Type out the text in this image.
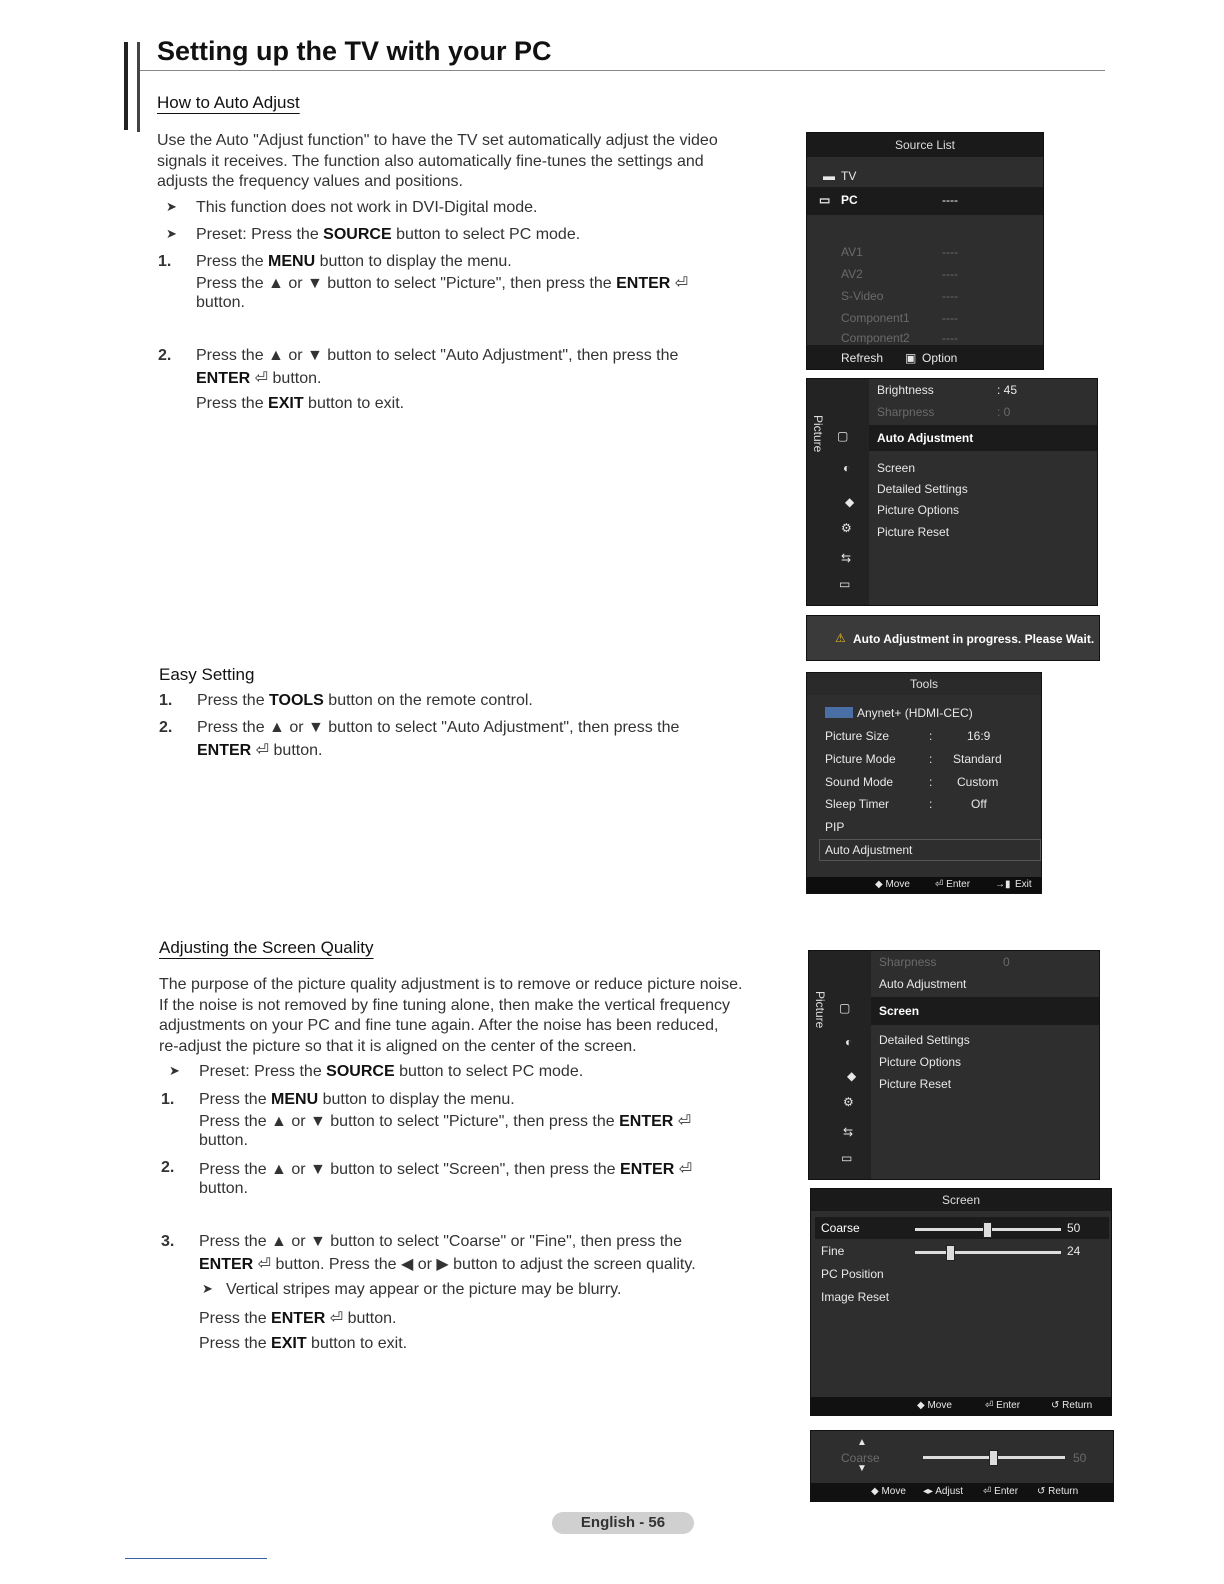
Setting up the TV with your PC
How to Auto Adjust
Use the Auto "Adjust function" to have the TV set automatically adjust the video
signals it receives. The function also automatically fine-tunes the settings and
adjusts the frequency values and positions.
➤ This function does not work in DVI-Digital mode.
➤ Preset: Press the SOURCE button to select PC mode.
1. Press the MENU button to display the menu.
Press the ▲ or ▼ button to select "Picture", then press the ENTER ⏎
button.
2. Press the ▲ or ▼ button to select "Auto Adjustment", then press the
ENTER ⏎ button.
Press the EXIT button to exit.
Easy Setting
1. Press the TOOLS button on the remote control.
2. Press the ▲ or ▼ button to select "Auto Adjustment", then press the
ENTER ⏎ button.
Adjusting the Screen Quality
The purpose of the picture quality adjustment is to remove or reduce picture noise.
If the noise is not removed by fine tuning alone, then make the vertical frequency
adjustments on your PC and fine tune again. After the noise has been reduced,
re-adjust the picture so that it is aligned on the center of the screen.
➤ Preset: Press the SOURCE button to select PC mode.
1. Press the MENU button to display the menu.
Press the ▲ or ▼ button to select "Picture", then press the ENTER ⏎
button.
2. Press the ▲ or ▼ button to select "Screen", then press the ENTER ⏎
button.
3. Press the ▲ or ▼ button to select "Coarse" or "Fine", then press the
ENTER ⏎ button. Press the ◀ or ▶ button to adjust the screen quality.
➤ Vertical stripes may appear or the picture may be blurry.
Press the ENTER ⏎ button.
Press the EXIT button to exit.
Source List
▬ TV
▭ PC	----
AV1	----
AV2	----
S-Video	----
Component1	----
Component2	----
Refresh ▣ Option
Picture
Brightness	: 45
Sharpness	: 0
▢ Auto Adjustment
◐ Screen
Detailed Settings
◆
Picture Options
⚙ Picture Reset
⇆
▭
⚠ Auto Adjustment in progress. Please Wait.
Tools
Anynet+ (HDMI-CEC)
Picture Size	:	16:9
Picture Mode	: Standard
Sound Mode	: Custom
Sleep Timer	:	Off
PIP
Auto Adjustment
◆ Move	⏎ Enter →▮ Exit
Picture
Sharpness	0
Auto Adjustment
▢ Screen
◐ Detailed Settings
Picture Options
◆
Picture Reset
⚙
⇆
▭
Screen
Coarse	50
Fine	24
PC Position
Image Reset
◆ Move	⏎ Enter	↺ Return
▲
Coarse
▼
50
◆ Move ◂▸ Adjust ⏎ Enter ↺ Return
English - 56
